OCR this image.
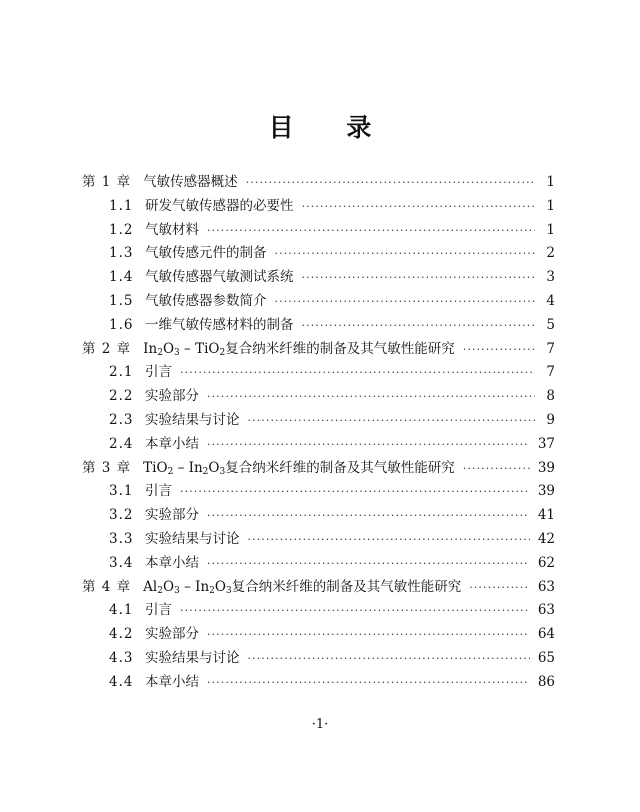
目 录
第 1 章 气敏传感器概述 ·····	1
1.1 研发气敏传感器的必要性 ·····	1
1.2 气敏材料 ·····	1
1.3 气敏传感元件的制备 ·····	2
1.4 气敏传感器气敏测试系统 ·····	3
1.5 气敏传感器参数简介 ·····	4
1.6 一维气敏传感材料的制备 ·····	5
第 2 章 $In_2O_3 - TiO_2$复合纳米纤维的制备及其气敏性能研究 ·····	7
2.1 引言 ·····	7
2.2 实验部分 ·····	8
2.3 实验结果与讨论 ·····	9
2.4 本章小结 ·····	37
第 3 章 $TiO_2 - In_2O_3$复合纳米纤维的制备及其气敏性能研究 ·····	39
3.1 引言 ·····	39
3.2 实验部分 ·····	41
3.3 实验结果与讨论 ·····	42
3.4 本章小结 ·····	62
第 4 章 $Al_2O_3 - In_2O_3$复合纳米纤维的制备及其气敏性能研究 ·····	63
4.1 引言 ·····	63
4.2 实验部分 ·····	64
4.3 实验结果与讨论 ·····	65
4.4 本章小结 ·····	86
·1·
